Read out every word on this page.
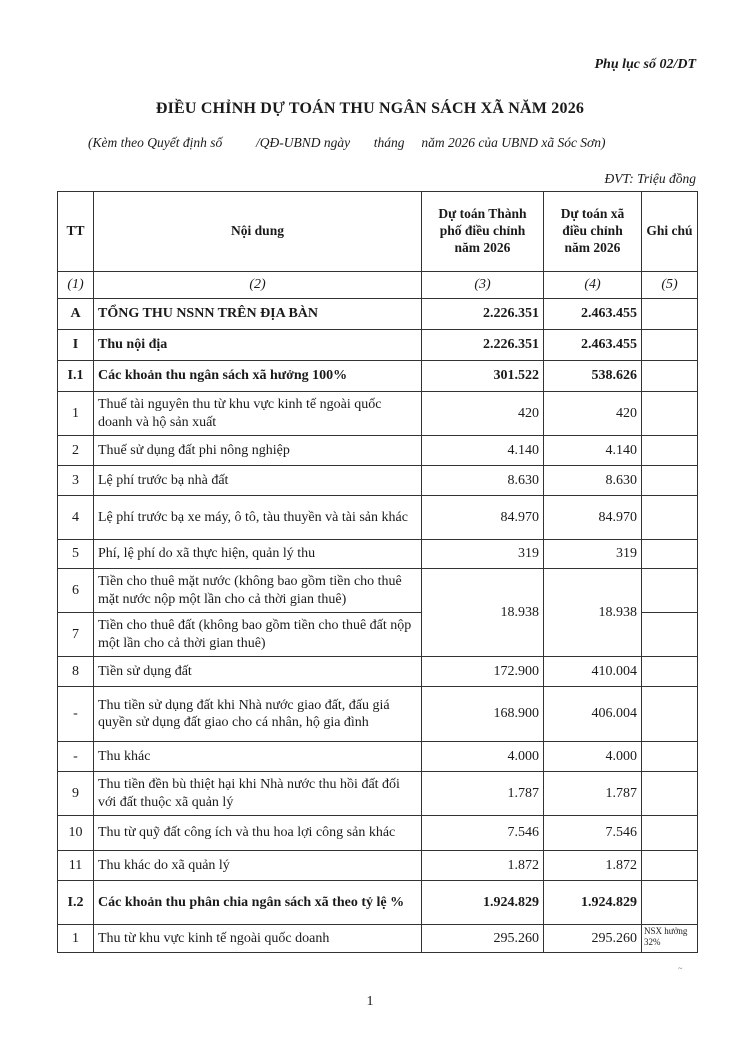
Phụ lục số 02/DT
ĐIỀU CHỈNH DỰ TOÁN THU NGÂN SÁCH XÃ NĂM 2026
(Kèm theo Quyết định số          /QĐ-UBND ngày       tháng     năm 2026 của UBND xã Sóc Sơn)
ĐVT: Triệu đồng
TT	Nội dung	Dự toán Thành phố điều chỉnh năm 2026	Dự toán xã điều chỉnh năm 2026	Ghi chú
(1)	(2)	(3)	(4)	(5)
A	TỔNG THU NSNN TRÊN ĐỊA BÀN	2.226.351	2.463.455	
I	Thu nội địa	2.226.351	2.463.455	
I.1	Các khoản thu ngân sách xã hưởng 100%	301.522	538.626	
1	Thuế tài nguyên thu từ khu vực kinh tế ngoài quốc doanh và hộ sản xuất	420	420	
2	Thuế sử dụng đất phi nông nghiệp	4.140	4.140	
3	Lệ phí trước bạ nhà đất	8.630	8.630	
4	Lệ phí trước bạ xe máy, ô tô, tàu thuyền và tài sản khác	84.970	84.970	
5	Phí, lệ phí do xã thực hiện, quản lý thu	319	319	
6	Tiền cho thuê mặt nước (không bao gồm tiền cho thuê mặt nước nộp một lần cho cả thời gian thuê)	18.938	18.938	
7	Tiền cho thuê đất (không bao gồm tiền cho thuê đất nộp một lần cho cả thời gian thuê)			
8	Tiền sử dụng đất	172.900	410.004	
-	Thu tiền sử dụng đất khi Nhà nước giao đất, đấu giá quyền sử dụng đất giao cho cá nhân, hộ gia đình	168.900	406.004	
-	Thu khác	4.000	4.000	
9	Thu tiền đền bù thiệt hại khi Nhà nước thu hồi đất đối với đất thuộc xã quản lý	1.787	1.787	
10	Thu từ quỹ đất công ích và thu hoa lợi công sản khác	7.546	7.546	
11	Thu khác do xã quản lý	1.872	1.872	
I.2	Các khoản thu phân chia ngân sách xã theo tỷ lệ %	1.924.829	1.924.829	
1	Thu từ khu vực kinh tế ngoài quốc doanh	295.260	295.260	NSX hưởng 32%
~
1
